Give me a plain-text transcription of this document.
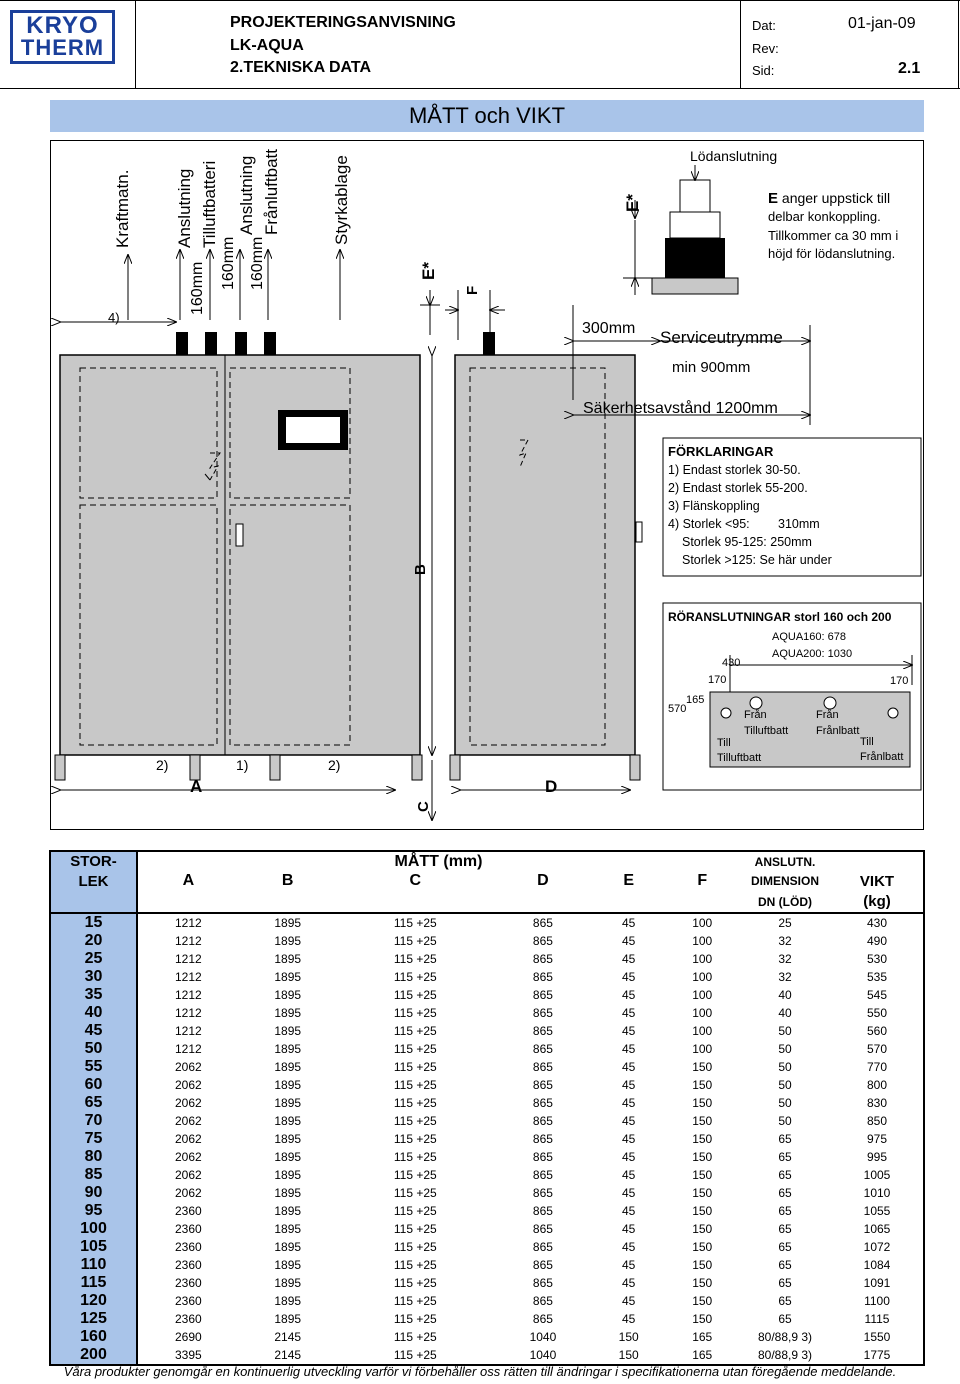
KRYO
THERM
PROJEKTERINGSANVISNING
LK-AQUA
2.TEKNISKA DATA
Dat:	01-jan-09
Rev:
Sid:	2.1
MÅTT och VIKT
4)
Kraftmatn.	Anslutning Tilluftbatteri Anslutning Frånluftbatt	Styrkablage
160mm 160mm 160mm	E*
F
B
C
A	D
2)	1)	2)
E*
Lödanslutning
E anger uppstick till
delbar konkoppling.
Tillkommer ca 30 mm i
höjd för lödanslutning.
300mm Serviceutrymme
min 900mm
Säkerhetsavstånd 1200mm
FÖRKLARINGAR
1) Endast storlek 30-50.
2) Endast storlek 55-200.
3) Flänskoppling
4) Storlek <95: 310mm
Storlek 95-125: 250mm
Storlek >125: Se här under
RÖRANSLUTNINGAR storl 160 och 200
AQUA160: 678
AQUA200: 1030
430
170	170
165
570	Från
Tilluftbatt
Från
Frånlbatt
Till
Tilluftbatt
Till
Frånlbatt
STOR-	MÅTT (mm)						ANSLUTN.	
LEK	A	B	C	D	E	F	DIMENSION	VIKT
							DN (LÖD)	(kg)
15	1212	1895	115 +25	865	45	100	25	430
20	1212	1895	115 +25	865	45	100	32	490
25	1212	1895	115 +25	865	45	100	32	530
30	1212	1895	115 +25	865	45	100	32	535
35	1212	1895	115 +25	865	45	100	40	545
40	1212	1895	115 +25	865	45	100	40	550
45	1212	1895	115 +25	865	45	100	50	560
50	1212	1895	115 +25	865	45	100	50	570
55	2062	1895	115 +25	865	45	150	50	770
60	2062	1895	115 +25	865	45	150	50	800
65	2062	1895	115 +25	865	45	150	50	830
70	2062	1895	115 +25	865	45	150	50	850
75	2062	1895	115 +25	865	45	150	65	975
80	2062	1895	115 +25	865	45	150	65	995
85	2062	1895	115 +25	865	45	150	65	1005
90	2062	1895	115 +25	865	45	150	65	1010
95	2360	1895	115 +25	865	45	150	65	1055
100	2360	1895	115 +25	865	45	150	65	1065
105	2360	1895	115 +25	865	45	150	65	1072
110	2360	1895	115 +25	865	45	150	65	1084
115	2360	1895	115 +25	865	45	150	65	1091
120	2360	1895	115 +25	865	45	150	65	1100
125	2360	1895	115 +25	865	45	150	65	1115
160	2690	2145	115 +25	1040	150	165	80/88,9 3)	1550
200	3395	2145	115 +25	1040	150	165	80/88,9 3)	1775
Våra produkter genomgår en kontinuerlig utveckling varför vi förbehåller oss rätten till ändringar i specifikationerna utan föregående meddelande.
